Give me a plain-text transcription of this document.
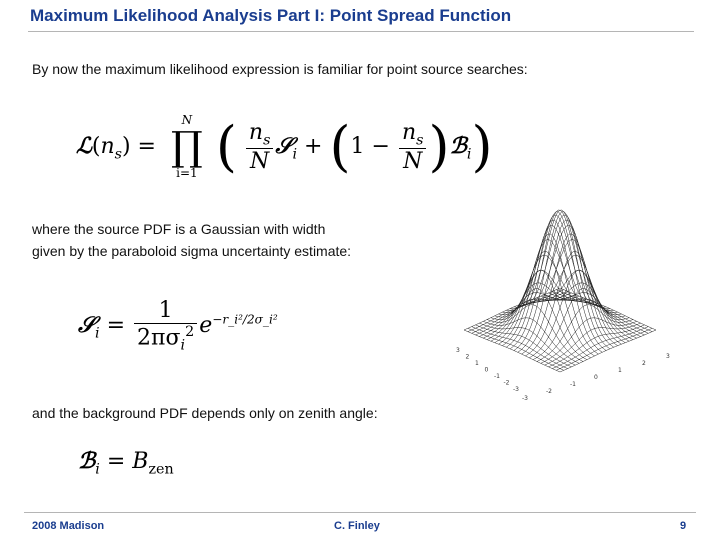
Maximum Likelihood Analysis Part I: Point Spread Function
By now the maximum likelihood expression is familiar for point source searches:
$ℒ(n_s)$ =
N
∏
i=1 ( $\frac{n_s}{N}$ 𝒮$_i$ + ($1 - \frac{n_s}{N}$ )ℬ$_i$)
where the source PDF is a Gaussian with width
given by the paraboloid sigma uncertainty estimate:
𝒮$_i$ = $\frac{1}{2\pi\sigma_i^2} e^{-r\_i^2/2\sigma\_i^2}$
and the background PDF depends only on zenith angle:
ℬ$_i$ = $B_{zen}$
3
2
1
0
-1
-2
-3
-3
-2
-1
0
1
2
3
2008 Madison	C. Finley	9
